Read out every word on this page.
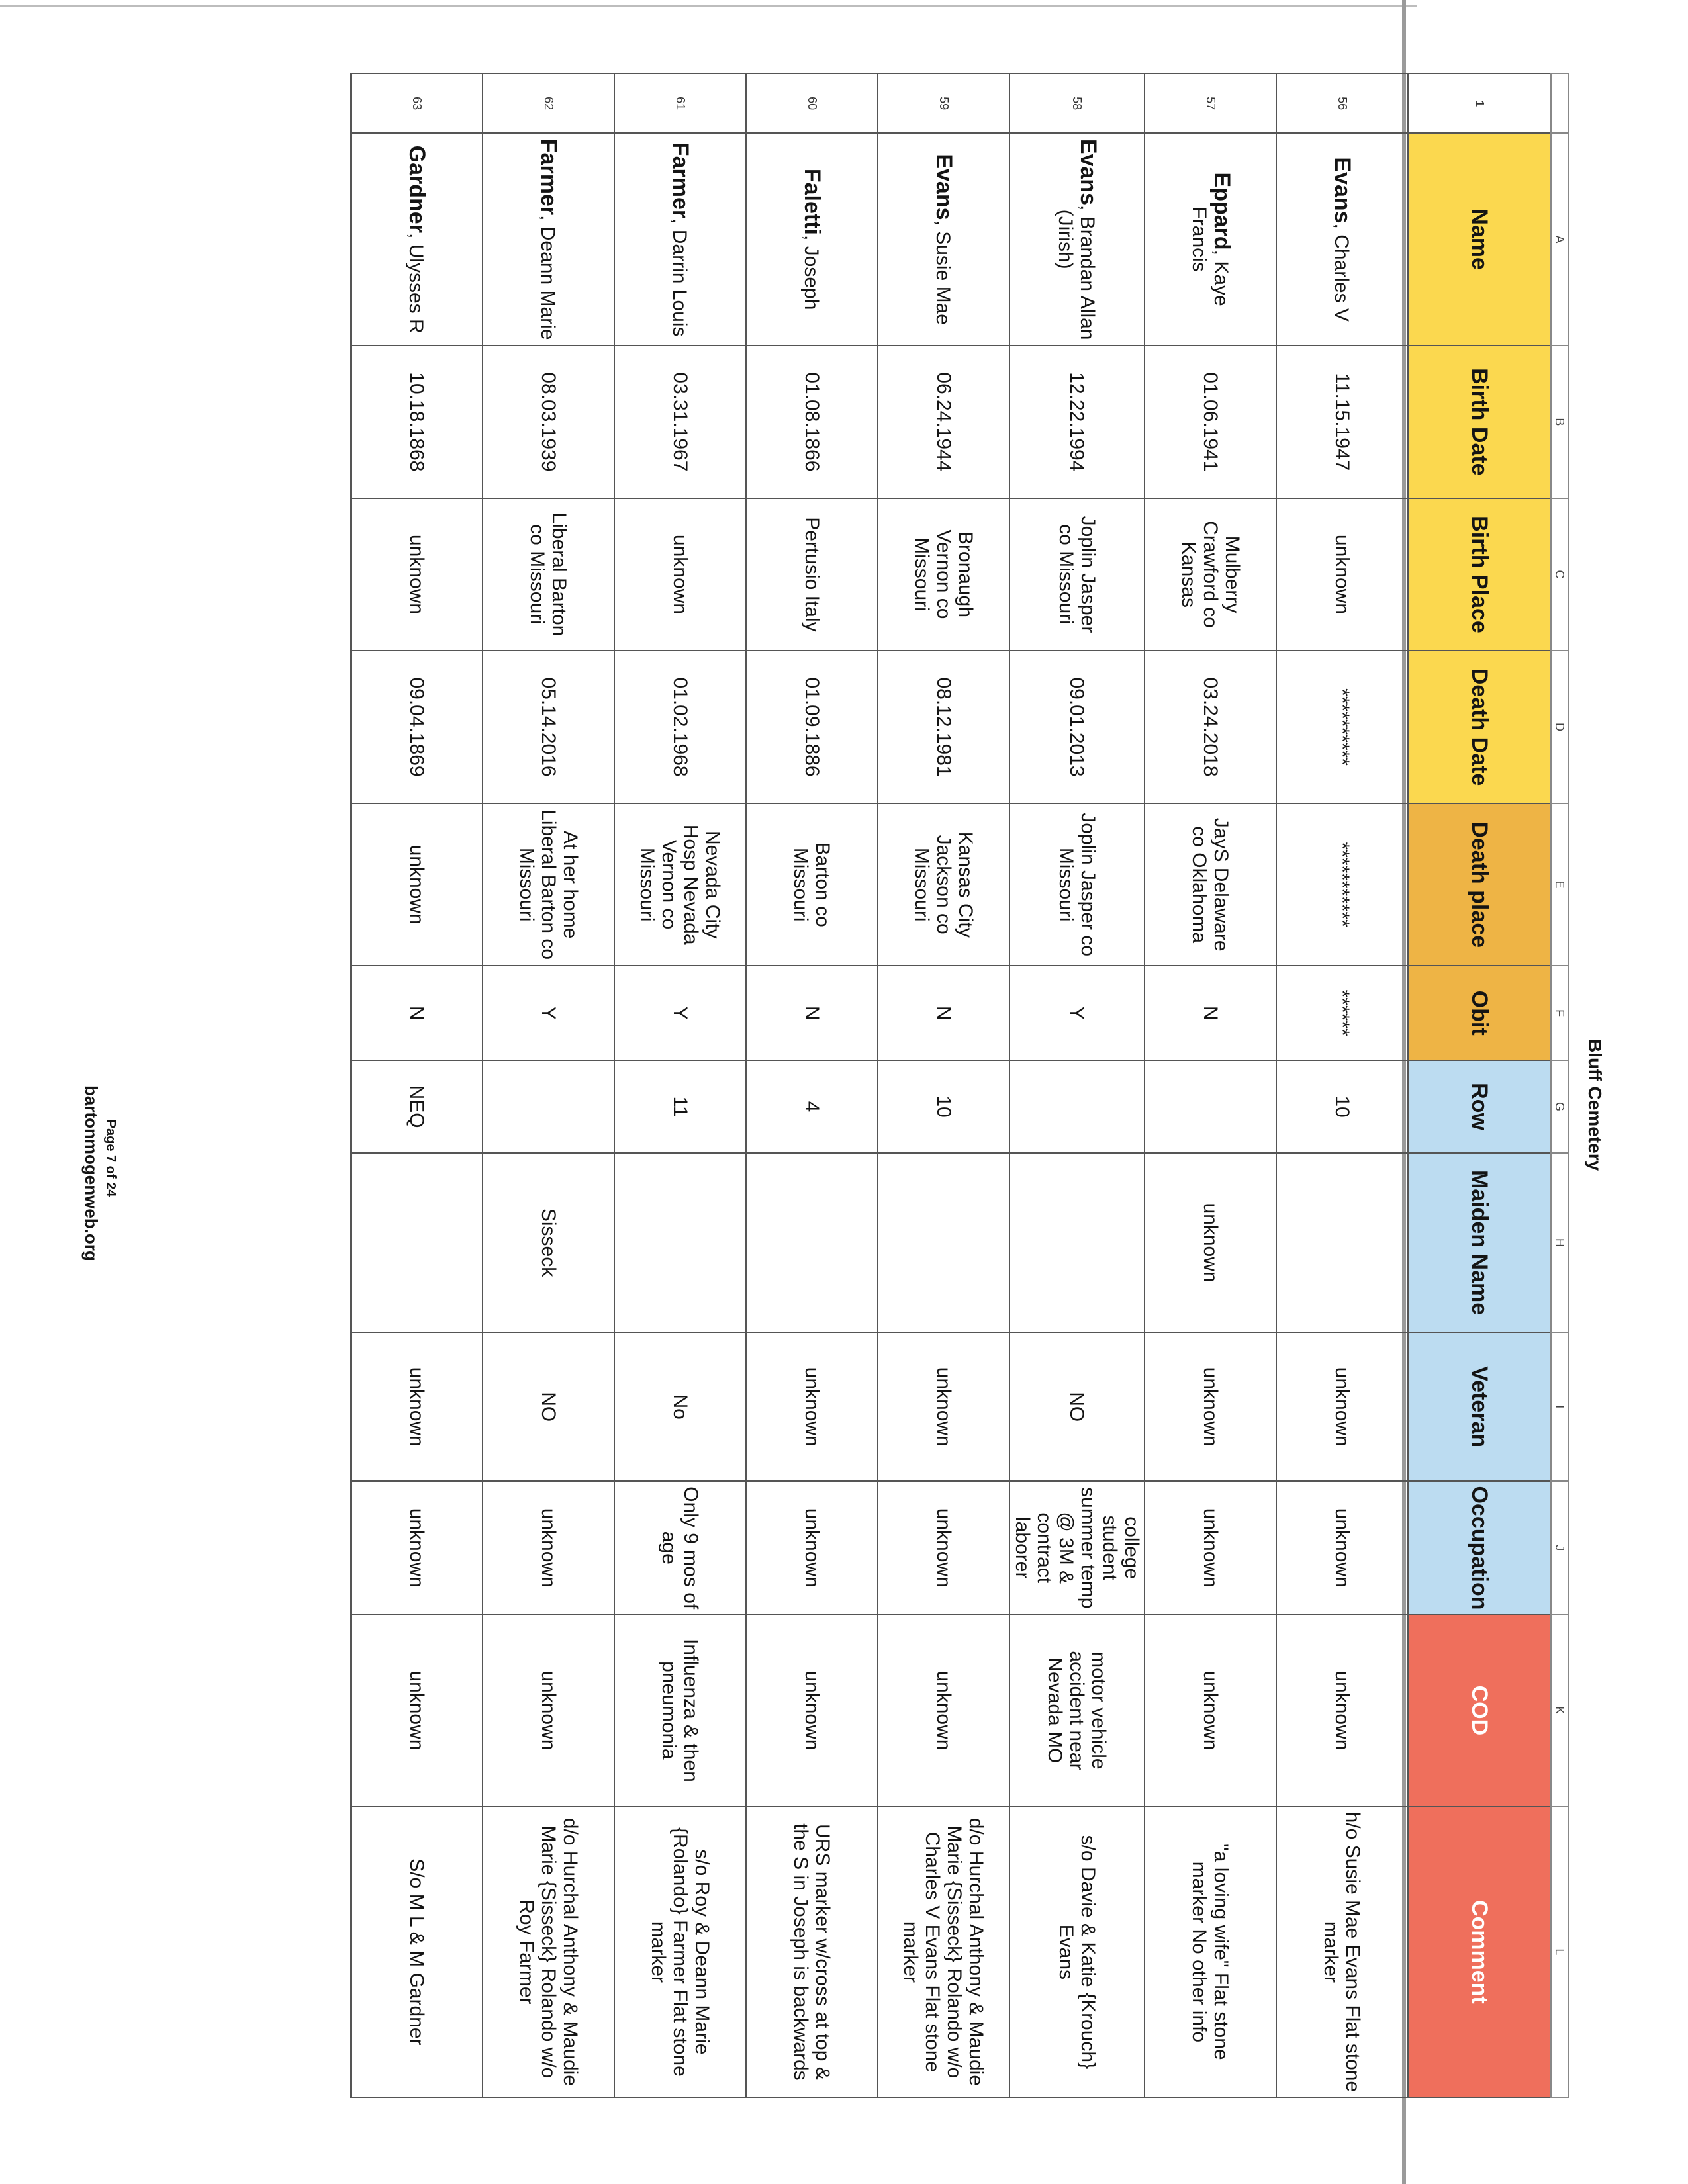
Bluff Cemetery
	A	B	C	D	E	F	G	H	I	J	K	L
1	Name	Birth Date	Birth Place	Death Date	Death place	Obit	Row	Maiden Name	Veteran	Occupation	COD	Comment
56	Evans, Charles V	11.15.1947	unknown	**********	***********	******	10		unknown	unknown	unknown	h/o Susie Mae Evans Flat stone marker
57	Eppard, Kaye Francis	01.06.1941	Mulberry Crawford co Kansas	03.24.2018	JayS Delaware co Oklahoma	N		unknown	unknown	unknown	unknown	"a loving wife" Flat stone marker No other info
58	Evans, Brandan Allan (Jirish)	12.22.1994	Joplin Jasper co Missouri	09.01.2013	Joplin Jasper co Missouri	Y			NO	college student summer temp @ 3M & contract laborer	motor vehicle accident near Nevada MO	s/o Davie & Katie {Krouch} Evans
59	Evans, Susie Mae	06.24.1944	Bronaugh Vernon co Missouri	08.12.1981	Kansas City Jackson co Missouri	N	10		unknown	unknown	unknown	d/o Hurchal Anthony & Maudie Marie {Sisseck} Rolando w/o Charles V Evans Flat stone marker
60	Faletti, Joseph	01.08.1866	Pertusio Italy	01.09.1886	Barton co Missouri	N	4		unknown	unknown	unknown	URS marker w/cross at top & the S in Joseph is backwards
61	Farmer, Darrin Louis	03.31.1967	unknown	01.02.1968	Nevada City Hosp Nevada Vernon co Missouri	Y	11		No	Only 9 mos of age	Influenza & then pneumonia	s/o Roy & Deann Marie {Rolando} Farmer Flat stone marker
62	Farmer, Deann Marie	08.03.1939	Liberal Barton co Missouri	05.14.2016	At her home Liberal Barton co Missouri	Y		Sisseck	NO	unknown	unknown	d/o Hurchal Anthony & Maudie Marie {Sisseck} Rolando w/o Roy Farmer
63	Gardner, Ulysses R	10.18.1868	unknown	09.04.1869	unknown	N	NEQ		unknown	unknown	unknown	S/o M L & M Gardner
Page 7 of 24
bartonmogenweb.org
